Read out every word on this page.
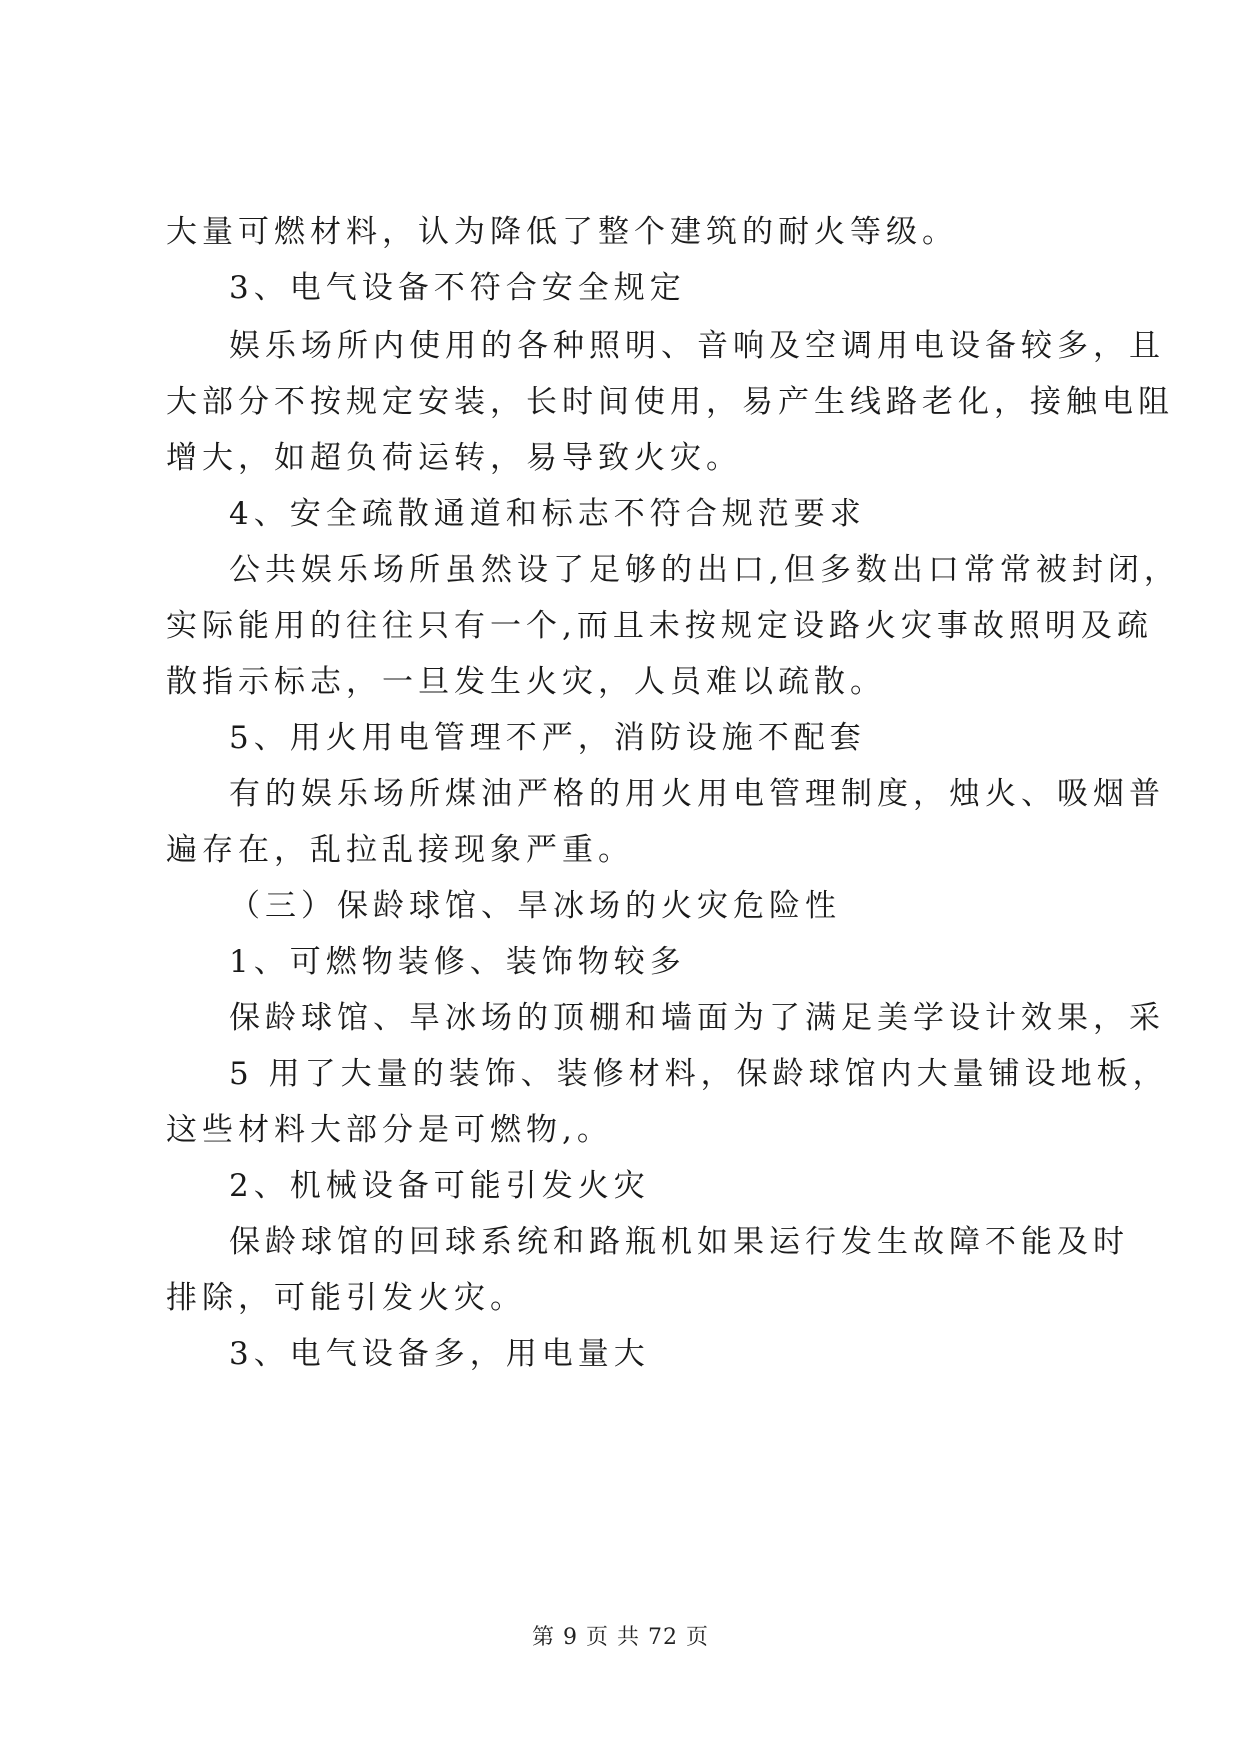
大量可燃材料，认为降低了整个建筑的耐火等级。
3、电气设备不符合安全规定
娱乐场所内使用的各种照明、音响及空调用电设备较多，且
大部分不按规定安装，长时间使用，易产生线路老化，接触电阻
增大，如超负荷运转，易导致火灾。
4、安全疏散通道和标志不符合规范要求
公共娱乐场所虽然设了足够的出口,但多数出口常常被封闭，
实际能用的往往只有一个,而且未按规定设路火灾事故照明及疏
散指示标志，一旦发生火灾，人员难以疏散。
5、用火用电管理不严，消防设施不配套
有的娱乐场所煤油严格的用火用电管理制度，烛火、吸烟普
遍存在，乱拉乱接现象严重。
（三）保龄球馆、旱冰场的火灾危险性
1、可燃物装修、装饰物较多
保龄球馆、旱冰场的顶棚和墙面为了满足美学设计效果，采
5 用了大量的装饰、装修材料，保龄球馆内大量铺设地板，
这些材料大部分是可燃物,。
2、机械设备可能引发火灾
保龄球馆的回球系统和路瓶机如果运行发生故障不能及时
排除，可能引发火灾。
3、电气设备多，用电量大
第 9 页 共 72 页
